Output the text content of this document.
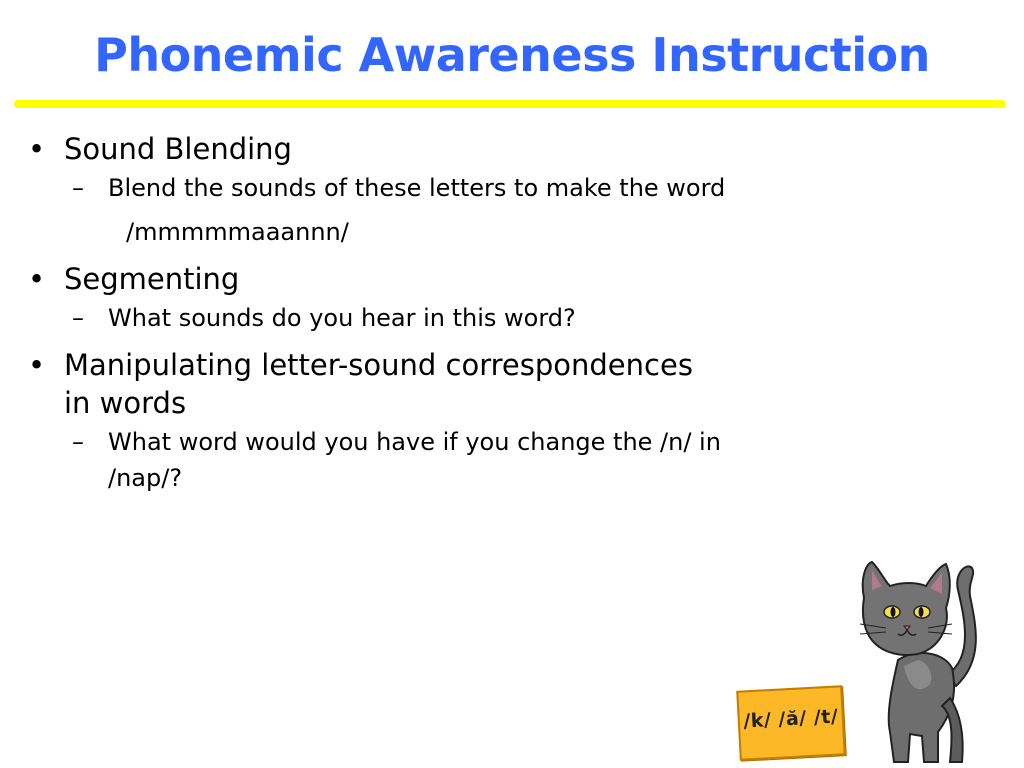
Phonemic Awareness Instruction
• Sound Blending
– Blend the sounds of these letters to make the word
/mmmmmaaannn/
• Segmenting
– What sounds do you hear in this word?
• Manipulating letter-sound correspondences in words
– What word would you have if you change the /n/ in /nap/?
/k/ /ă/ /t/
